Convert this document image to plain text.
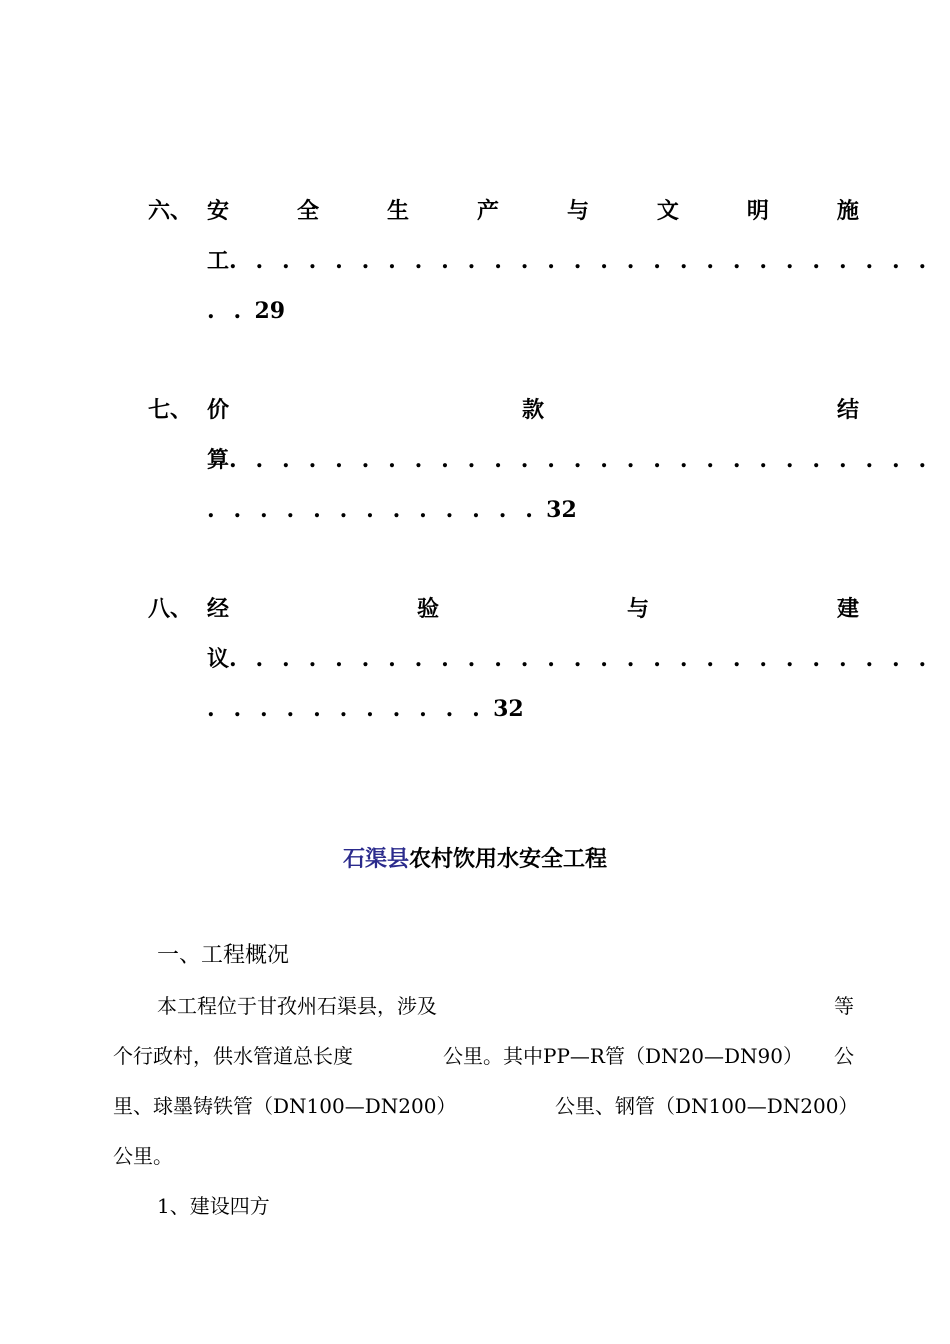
六、 安	全	生	产	与	文	明	施
工. . . . . . . . . . . . . . . . . . . . . . . . . . .
. . 29
七、 价	款	结
算. . . . . . . . . . . . . . . . . . . . . . . . . . .
. . . . . . . . . . . . . 32
八、 经	验	与	建
议. . . . . . . . . . . . . . . . . . . . . . . . . . .
. . . . . . . . . . . 32
石渠县农村饮用水安全工程
一、工程概况
本工程位于甘孜州石渠县，涉及	等
个行政村，供水管道总长度	公里。其中PP—R管（DN20—DN90） 公
里、球墨铸铁管（DN100—DN200）	公里、钢管（DN100—DN200）
公里。
1、建设四方
